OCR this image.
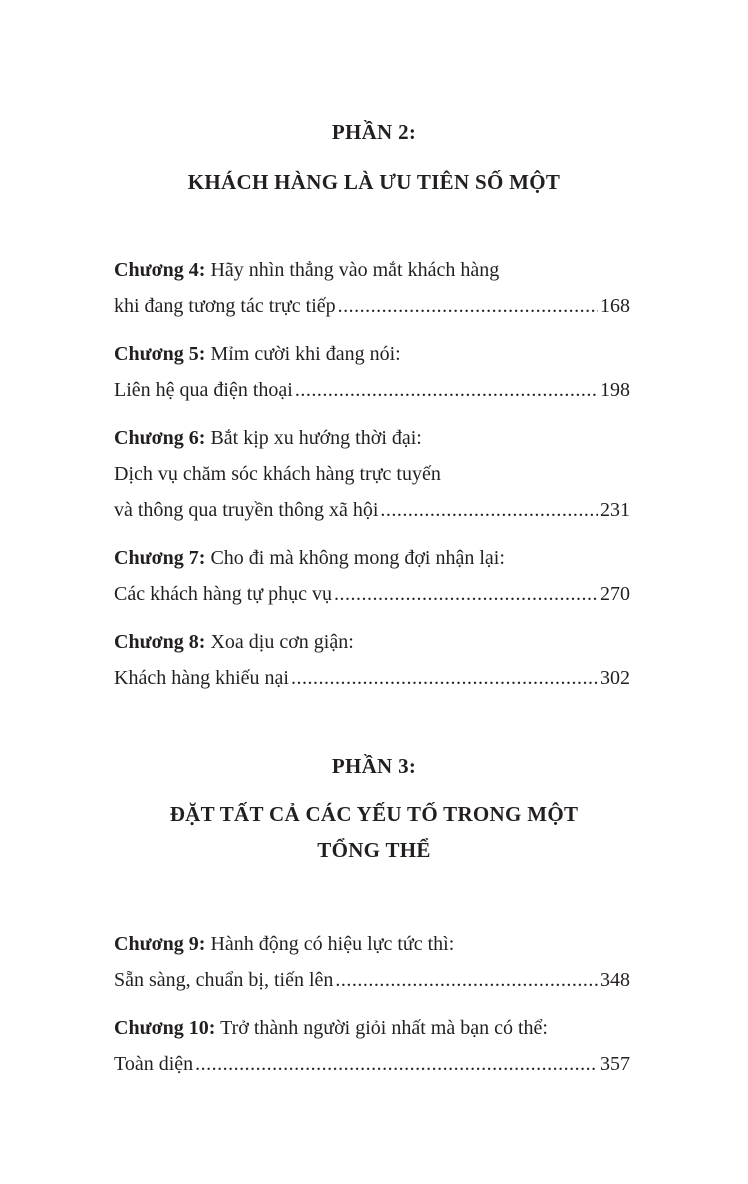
PHẦN 2:
KHÁCH HÀNG LÀ ƯU TIÊN SỐ MỘT
Chương 4: Hãy nhìn thẳng vào mắt khách hàng
khi đang tương tác trực tiếp .....	168
Chương 5: Mỉm cười khi đang nói:
Liên hệ qua điện thoại .....	198
Chương 6: Bắt kịp xu hướng thời đại:
Dịch vụ chăm sóc khách hàng trực tuyến
và thông qua truyền thông xã hội .....	231
Chương 7: Cho đi mà không mong đợi nhận lại:
Các khách hàng tự phục vụ .....	270
Chương 8: Xoa dịu cơn giận:
Khách hàng khiếu nại .....	302
PHẦN 3:
ĐẶT TẤT CẢ CÁC YẾU TỐ TRONG MỘT
TỔNG THỂ
Chương 9: Hành động có hiệu lực tức thì:
Sẵn sàng, chuẩn bị, tiến lên .....	348
Chương 10: Trở thành người giỏi nhất mà bạn có thể:
Toàn diện .....	357
